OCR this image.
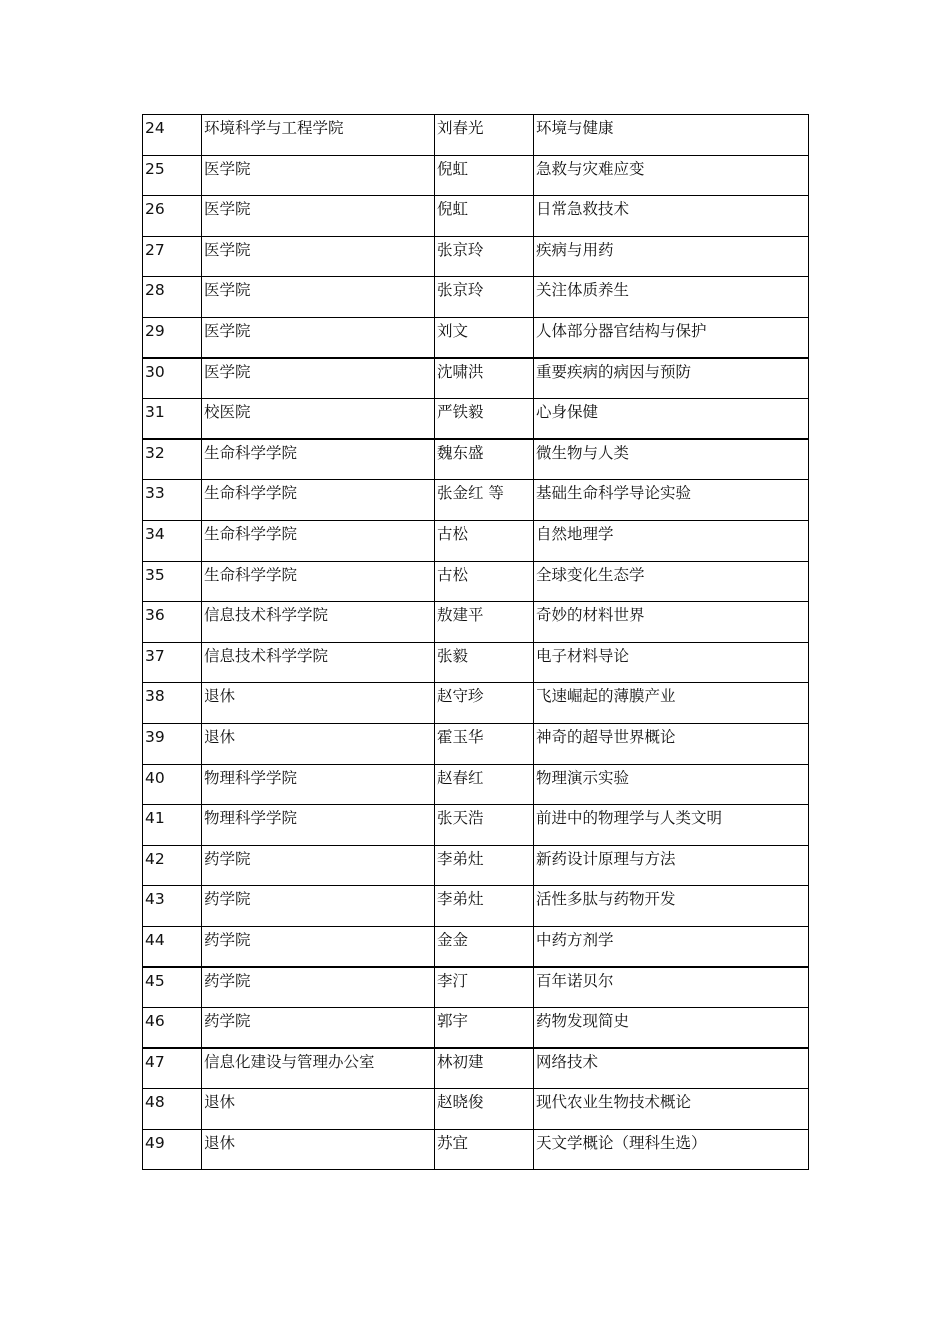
24	环境科学与工程学院	刘春光	环境与健康
25	医学院	倪虹	急救与灾难应变
26	医学院	倪虹	日常急救技术
27	医学院	张京玲	疾病与用药
28	医学院	张京玲	关注体质养生
29	医学院	刘文	人体部分器官结构与保护
30	医学院	沈啸洪	重要疾病的病因与预防
31	校医院	严铁毅	心身保健
32	生命科学学院	魏东盛	微生物与人类
33	生命科学学院	张金红 等	基础生命科学导论实验
34	生命科学学院	古松	自然地理学
35	生命科学学院	古松	全球变化生态学
36	信息技术科学学院	敖建平	奇妙的材料世界
37	信息技术科学学院	张毅	电子材料导论
38	退休	赵守珍	飞速崛起的薄膜产业
39	退休	霍玉华	神奇的超导世界概论
40	物理科学学院	赵春红	物理演示实验
41	物理科学学院	张天浩	前进中的物理学与人类文明
42	药学院	李弟灶	新药设计原理与方法
43	药学院	李弟灶	活性多肽与药物开发
44	药学院	金金	中药方剂学
45	药学院	李汀	百年诺贝尔
46	药学院	郭宇	药物发现简史
47	信息化建设与管理办公室	林初建	网络技术
48	退休	赵晓俊	现代农业生物技术概论
49	退休	苏宜	天文学概论（理科生选）
